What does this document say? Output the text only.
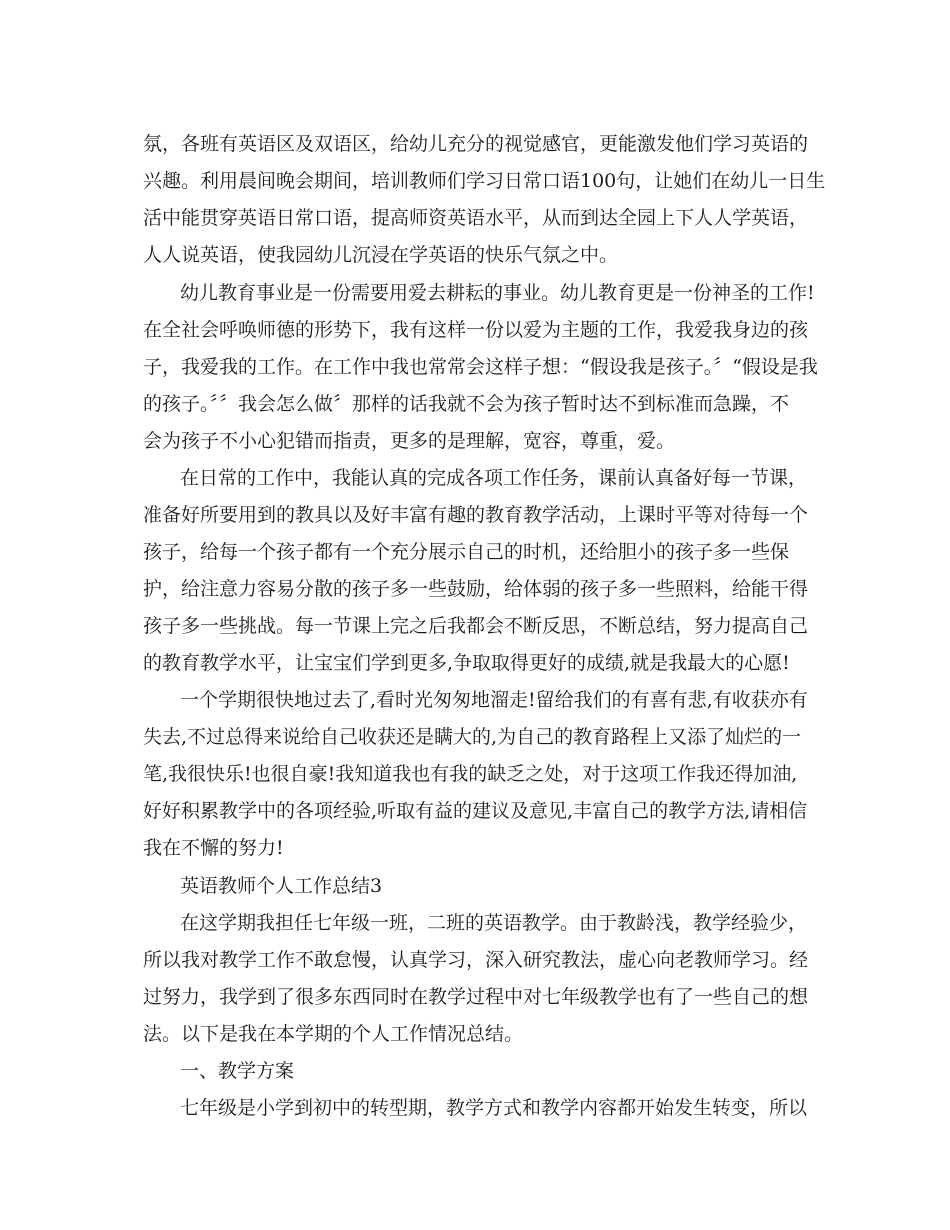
氛，各班有英语区及双语区，给幼儿充分的视觉感官，更能激发他们学习英语的
兴趣。利用晨间晚会期间，培训教师们学习日常口语100句，让她们在幼儿一日生
活中能贯穿英语日常口语，提高师资英语水平，从而到达全园上下人人学英语，
人人说英语，使我园幼儿沉浸在学英语的快乐气氛之中。
幼儿教育事业是一份需要用爱去耕耘的事业。幼儿教育更是一份神圣的工作!
在全社会呼唤师德的形势下，我有这样一份以爱为主题的工作，我爱我身边的孩
子，我爱我的工作。在工作中我也常常会这样子想：“假设我是孩子。〞“假设是我
的孩子。〞〞我会怎么做〞那样的话我就不会为孩子暂时达不到标准而急躁，不
会为孩子不小心犯错而指责，更多的是理解，宽容，尊重，爱。
在日常的工作中，我能认真的完成各项工作任务，课前认真备好每一节课，
准备好所要用到的教具以及好丰富有趣的教育教学活动，上课时平等对待每一个
孩子，给每一个孩子都有一个充分展示自己的时机，还给胆小的孩子多一些保
护，给注意力容易分散的孩子多一些鼓励，给体弱的孩子多一些照料，给能干得
孩子多一些挑战。每一节课上完之后我都会不断反思，不断总结，努力提高自己
的教育教学水平，让宝宝们学到更多,争取取得更好的成绩,就是我最大的心愿!
一个学期很快地过去了,看时光匆匆地溜走!留给我们的有喜有悲,有收获亦有
失去,不过总得来说给自己收获还是瞒大的,为自己的教育路程上又添了灿烂的一
笔,我很快乐!也很自豪!我知道我也有我的缺乏之处，对于这项工作我还得加油,
好好积累教学中的各项经验,听取有益的建议及意见,丰富自己的教学方法,请相信
我在不懈的努力!
英语教师个人工作总结3
在这学期我担任七年级一班，二班的英语教学。由于教龄浅，教学经验少，
所以我对教学工作不敢怠慢，认真学习，深入研究教法，虚心向老教师学习。经
过努力，我学到了很多东西同时在教学过程中对七年级教学也有了一些自己的想
法。以下是我在本学期的个人工作情况总结。
一、教学方案
七年级是小学到初中的转型期，教学方式和教学内容都开始发生转变，所以
